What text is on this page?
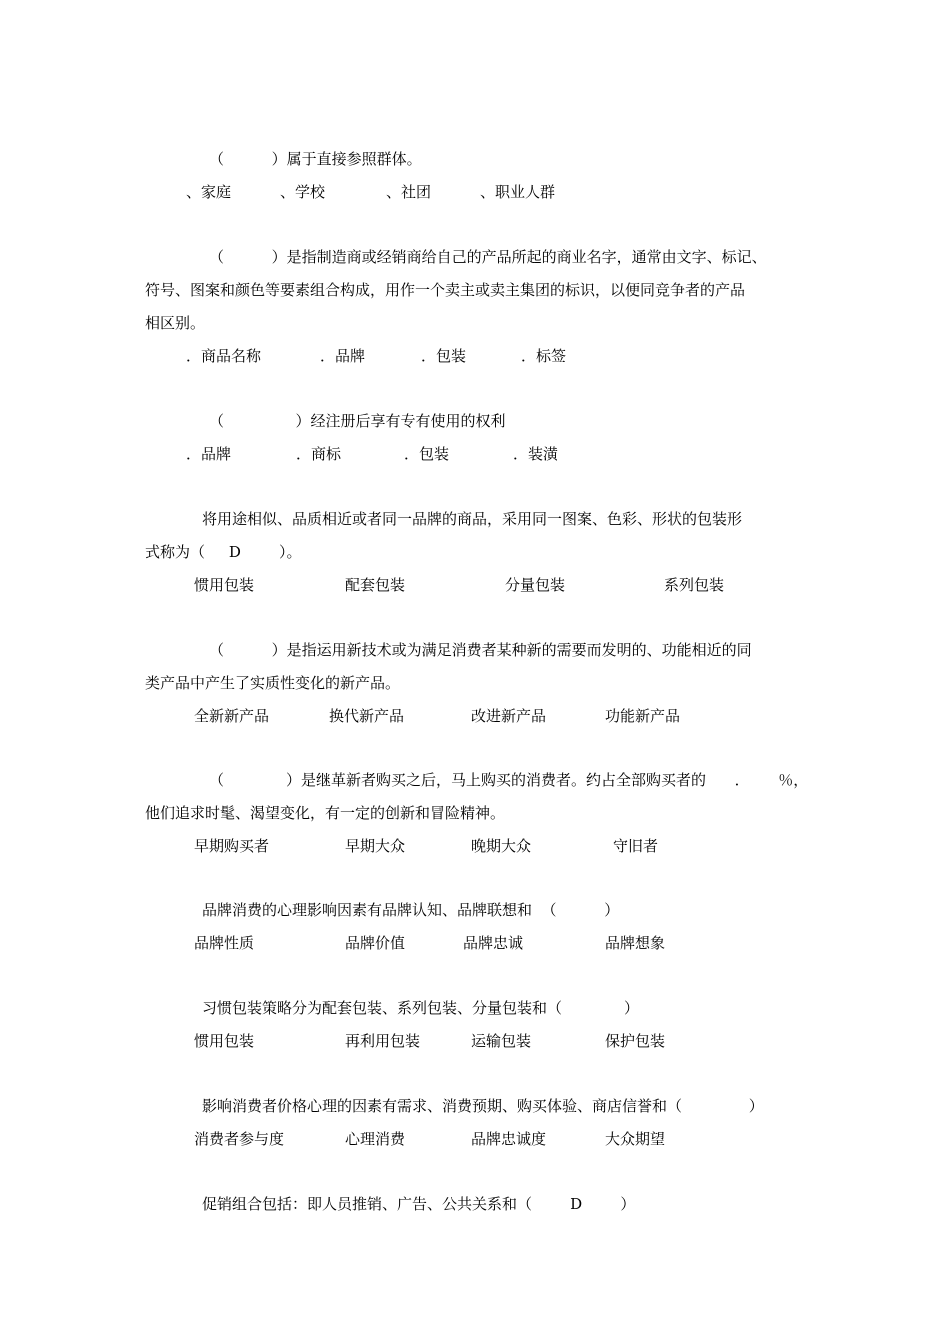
（          ）属于直接参照群体。
、家庭	、学校	、社团	、职业人群
（          ）是指制造商或经销商给自己的产品所起的商业名字，通常由文字、标记、
符号、图案和颜色等要素组合构成，用作一个卖主或卖主集团的标识，以便同竞争者的产品
相区别。
．商品名称	．品牌	．包装	．标签
（               ）经注册后享有专有使用的权利
．品牌	．商标	．包装	．装潢
将用途相似、品质相近或者同一品牌的商品，采用同一图案、色彩、形状的包装形
式称为（     D        ）。
惯用包装	配套包装	分量包装	系列包装
（          ）是指运用新技术或为满足消费者某种新的需要而发明的、功能相近的同
类产品中产生了实质性变化的新产品。
全新新产品	换代新产品	改进新产品	功能新产品
（             ）是继革新者购买之后，马上购买的消费者。约占全部购买者的      ．      ％，
他们追求时髦、渴望变化，有一定的创新和冒险精神。
早期购买者	早期大众	晚期大众	守旧者
品牌消费的心理影响因素有品牌认知、品牌联想和  （          ）
品牌性质	品牌价值	品牌忠诚	品牌想象
习惯包装策略分为配套包装、系列包装、分量包装和（             ）
惯用包装	再利用包装	运输包装	保护包装
影响消费者价格心理的因素有需求、消费预期、购买体验、商店信誉和（              ）
消费者参与度	心理消费	品牌忠诚度	大众期望
促销组合包括：即人员推销、广告、公共关系和（        D        ）
